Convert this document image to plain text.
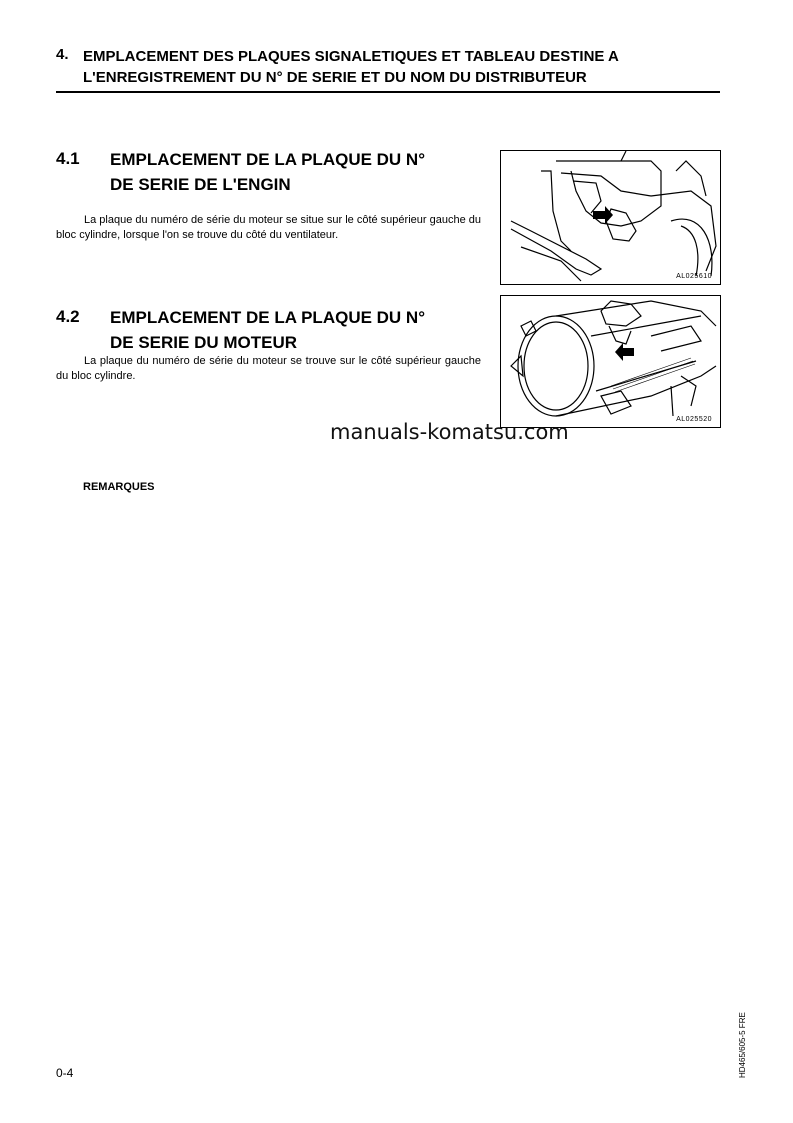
4. EMPLACEMENT DES PLAQUES SIGNALETIQUES ET TABLEAU DESTINE A
L'ENREGISTREMENT DU N° DE SERIE ET DU NOM DU DISTRIBUTEUR
4.1 EMPLACEMENT DE LA PLAQUE DU N°
DE SERIE DE L'ENGIN
La plaque du numéro de série du moteur se situe sur le côté supérieur gauche du bloc cylindre, lorsque l'on se trouve du côté du ventilateur.
AL025610
4.2 EMPLACEMENT DE LA PLAQUE DU N°
DE SERIE DU MOTEUR
La plaque du numéro de série du moteur se trouve sur le côté supérieur gauche du bloc cylindre.
AL025520
manuals-komatsu.com
REMARQUES
0-4	HD465/605-5 FRE
